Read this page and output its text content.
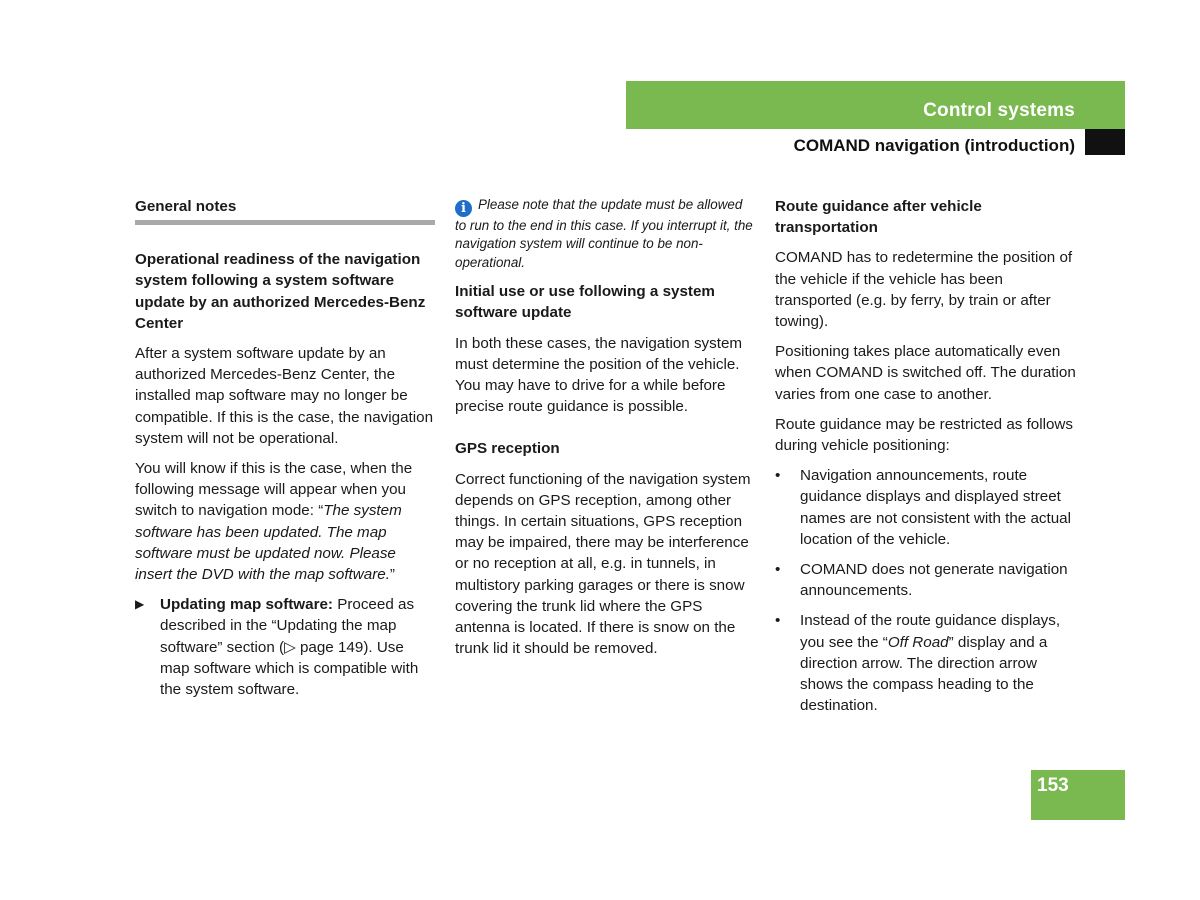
Control systems
COMAND navigation (introduction)
General notes
Operational readiness of the navigation system following a system software update by an authorized Mercedes-Benz Center

After a system software update by an authorized Mercedes-Benz Center, the installed map software may no longer be compatible. If this is the case, the navigation system will not be operational.

You will know if this is the case, when the following message will appear when you switch to navigation mode: “The system software has been updated. The map software must be updated now. Please insert the DVD with the map software.”

▶ Updating map software: Proceed as described in the “Updating the map software” section (▷ page 149). Use map software which is compatible with the system software.

i Please note that the update must be allowed to run to the end in this case. If you interrupt it, the navigation system will continue to be non-operational.

Initial use or use following a system software update

In both these cases, the navigation system must determine the position of the vehicle. You may have to drive for a while before precise route guidance is possible.

GPS reception

Correct functioning of the navigation system depends on GPS reception, among other things. In certain situations, GPS reception may be impaired, there may be interference or no reception at all, e.g. in tunnels, in multistory parking garages or there is snow covering the trunk lid where the GPS antenna is located. If there is snow on the trunk lid it should be removed.

Route guidance after vehicle transportation

COMAND has to redetermine the position of the vehicle if the vehicle has been transported (e.g. by ferry, by train or after towing).

Positioning takes place automatically even when COMAND is switched off. The duration varies from one case to another.

Route guidance may be restricted as follows during vehicle positioning:

• Navigation announcements, route guidance displays and displayed street names are not consistent with the actual location of the vehicle.
• COMAND does not generate navigation announcements.
• Instead of the route guidance displays, you see the “Off Road” display and a direction arrow. The direction arrow shows the compass heading to the destination.
153
